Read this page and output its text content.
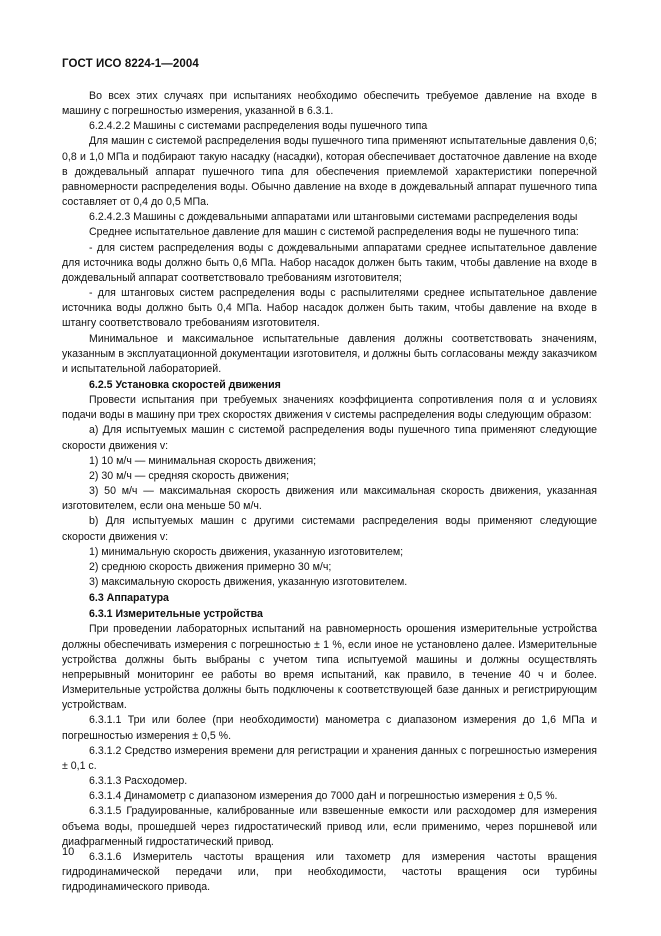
ГОСТ ИСО 8224-1—2004

Во всех этих случаях при испытаниях необходимо обеспечить требуемое давление на входе в машину с погрешностью измерения, указанной в 6.3.1.

6.2.4.2.2 Машины с системами распределения воды пушечного типа

Для машин с системой распределения воды пушечного типа применяют испытательные давления 0,6; 0,8 и 1,0 МПа и подбирают такую насадку (насадки), которая обеспечивает достаточное давление на входе в дождевальный аппарат пушечного типа для обеспечения приемлемой характеристики поперечной равномерности распределения воды. Обычно давление на входе в дождевальный аппарат пушечного типа составляет от 0,4 до 0,5 МПа.

6.2.4.2.3 Машины с дождевальными аппаратами или штанговыми системами распределения воды

Среднее испытательное давление для машин с системой распределения воды не пушечного типа:

- для систем распределения воды с дождевальными аппаратами среднее испытательное давление для источника воды должно быть 0,6 МПа. Набор насадок должен быть таким, чтобы давление на входе в дождевальный аппарат соответствовало требованиям изготовителя;

- для штанговых систем распределения воды с распылителями среднее испытательное давление источника воды должно быть 0,4 МПа. Набор насадок должен быть таким, чтобы давление на входе в штангу соответствовало требованиям изготовителя.

Минимальное и максимальное испытательные давления должны соответствовать значениям, указанным в эксплуатационной документации изготовителя, и должны быть согласованы между заказчиком и испытательной лабораторией.

6.2.5 Установка скоростей движения

Провести испытания при требуемых значениях коэффициента сопротивления поля α и условиях подачи воды в машину при трех скоростях движения v системы распределения воды следующим образом:

a) Для испытуемых машин с системой распределения воды пушечного типа применяют следующие скорости движения v:

1) 10 м/ч — минимальная скорость движения;

2) 30 м/ч — средняя скорость движения;

3) 50 м/ч — максимальная скорость движения или максимальная скорость движения, указанная изготовителем, если она меньше 50 м/ч.

b) Для испытуемых машин с другими системами распределения воды применяют следующие скорости движения v:

1) минимальную скорость движения, указанную изготовителем;

2) среднюю скорость движения примерно 30 м/ч;

3) максимальную скорость движения, указанную изготовителем.

6.3 Аппаратура

6.3.1 Измерительные устройства

При проведении лабораторных испытаний на равномерность орошения измерительные устройства должны обеспечивать измерения с погрешностью ± 1 %, если иное не установлено далее. Измерительные устройства должны быть выбраны с учетом типа испытуемой машины и должны осуществлять непрерывный мониторинг ее работы во время испытаний, как правило, в течение 40 ч и более. Измерительные устройства должны быть подключены к соответствующей базе данных и регистрирующим устройствам.

6.3.1.1 Три или более (при необходимости) манометра с диапазоном измерения до 1,6 МПа и погрешностью измерения ± 0,5 %.

6.3.1.2 Средство измерения времени для регистрации и хранения данных с погрешностью измерения ± 0,1 с.

6.3.1.3 Расходомер.

6.3.1.4 Динамометр с диапазоном измерения до 7000 даН и погрешностью измерения ± 0,5 %.

6.3.1.5 Градуированные, калиброванные или взвешенные емкости или расходомер для измерения объема воды, прошедшей через гидростатический привод или, если применимо, через поршневой или диафрагменный гидростатический привод.

6.3.1.6 Измеритель частоты вращения или тахометр для измерения частоты вращения гидродинамической передачи или, при необходимости, частоты вращения оси турбины гидродинамического привода.

10
